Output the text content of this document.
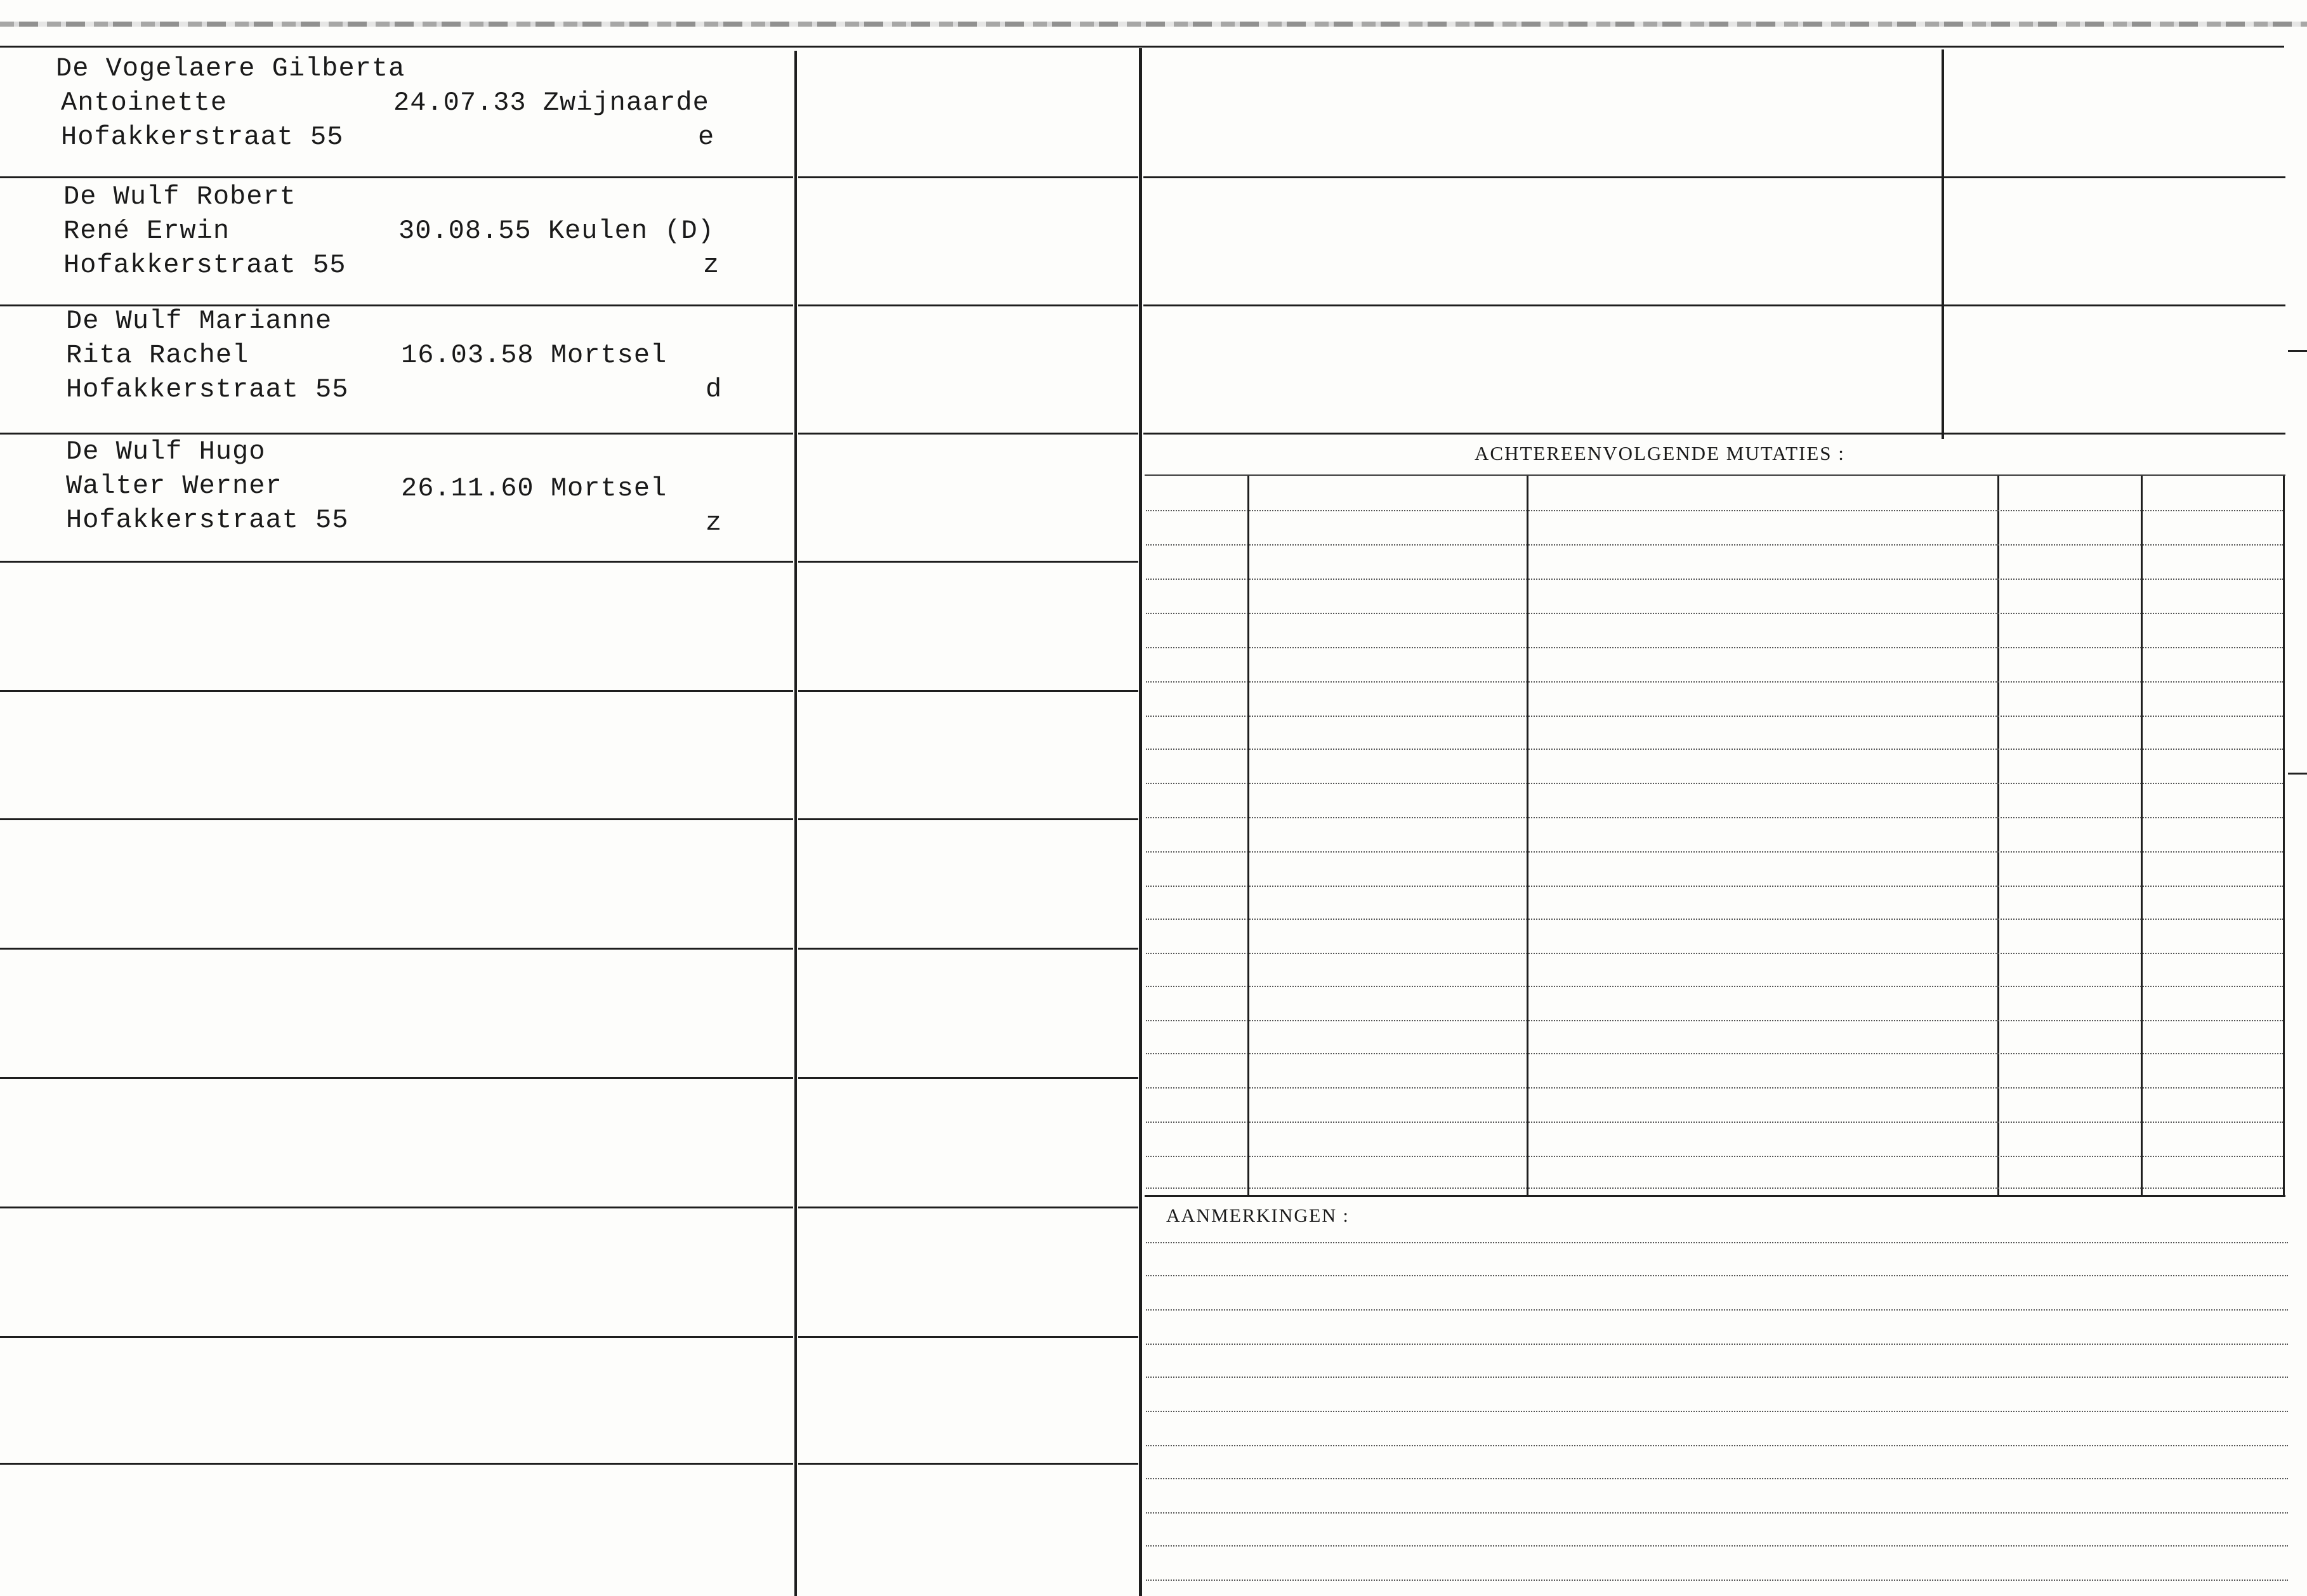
ACHTEREENVOLGENDE MUTATIES :
AANMERKINGEN :
De Vogelaere Gilberta
Antoinette
Hofakkerstraat 55
24.07.33 Zwijnaarde
e
De Wulf Robert
René Erwin
Hofakkerstraat 55
30.08.55 Keulen (D)
z
De Wulf Marianne
Rita Rachel
Hofakkerstraat 55
16.03.58 Mortsel
d
De Wulf Hugo
Walter Werner
Hofakkerstraat 55
26.11.60 Mortsel
z
